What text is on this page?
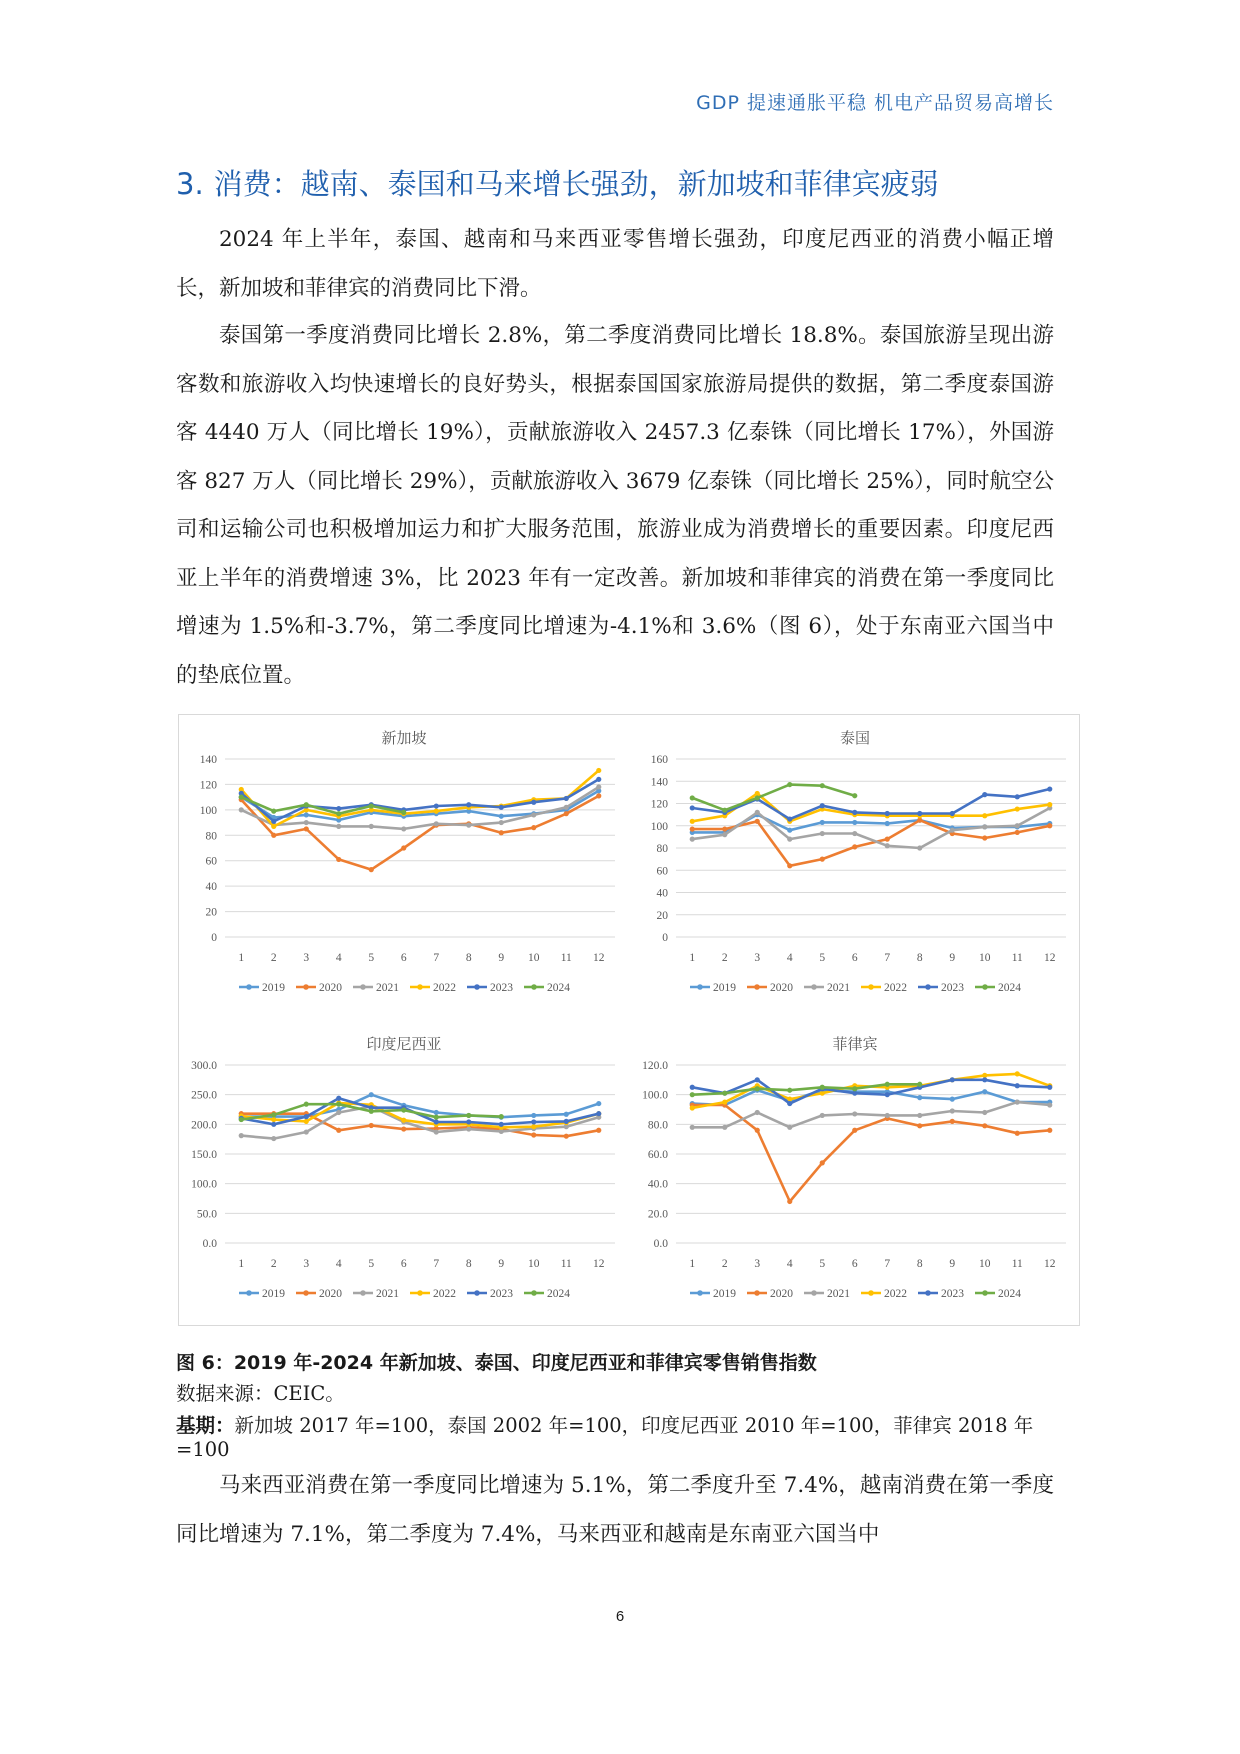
GDP 提速通胀平稳 机电产品贸易高增长
3. 消费：越南、泰国和马来增长强劲，新加坡和菲律宾疲弱

2024 年上半年，泰国、越南和马来西亚零售增长强劲，印度尼西亚的消费小幅正增长，新加坡和菲律宾的消费同比下滑。

泰国第一季度消费同比增长 2.8%，第二季度消费同比增长 18.8%。泰国旅游呈现出游客数和旅游收入均快速增长的良好势头，根据泰国国家旅游局提供的数据，第二季度泰国游客 4440 万人（同比增长 19%），贡献旅游收入 2457.3 亿泰铢（同比增长 17%），外国游客 827 万人（同比增长 29%），贡献旅游收入 3679 亿泰铢（同比增长 25%），同时航空公司和运输公司也积极增加运力和扩大服务范围，旅游业成为消费增长的重要因素。印度尼西亚上半年的消费增速 3%，比 2023 年有一定改善。新加坡和菲律宾的消费在第一季度同比增速为 1.5%和-3.7%，第二季度同比增速为-4.1%和 3.6%（图 6），处于东南亚六国当中的垫底位置。

新加坡
0
20
40
60
80
100
120
140
1 2 3 4 5 6 7 8 9 10 11 12
2019	2020	2021	2022	2023	2024
泰国
0
20
40
60
80
100
120
140
160
1 2 3 4 5 6 7 8 9 10 11 12
2019	2020	2021	2022	2023	2024
印度尼西亚
0.0
50.0
100.0
150.0
200.0
250.0
300.0
1 2 3 4 5 6 7 8 9 10 11 12
2019	2020	2021	2022	2023	2024
菲律宾
0.0
20.0
40.0
60.0
80.0
100.0
120.0
1 2 3 4 5 6 7 8 9 10 11 12
2019	2020	2021	2022	2023	2024

图 6：2019 年-2024 年新加坡、泰国、印度尼西亚和菲律宾零售销售指数

数据来源：CEIC。

基期：新加坡 2017 年=100，泰国 2002 年=100，印度尼西亚 2010 年=100，菲律宾 2018 年=100

马来西亚消费在第一季度同比增速为 5.1%，第二季度升至 7.4%，越南消费在第一季度同比增速为 7.1%，第二季度为 7.4%，马来西亚和越南是东南亚六国当中

6
